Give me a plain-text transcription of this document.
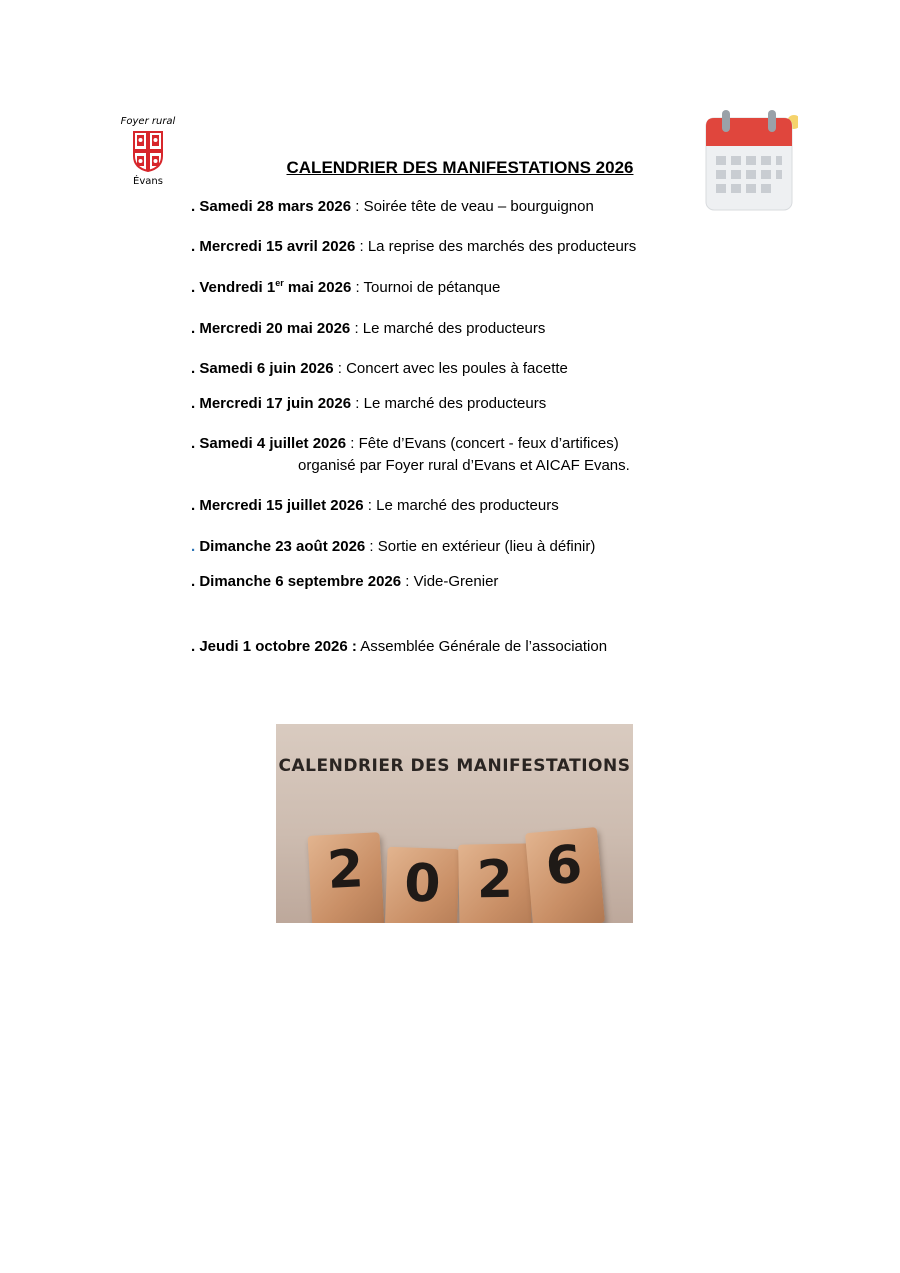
Foyer rural
Évans
CALENDRIER DES MANIFESTATIONS 2026
. Samedi 28 mars 2026 : Soirée tête de veau – bourguignon
. Mercredi 15 avril 2026 : La reprise des marchés des producteurs
. Vendredi 1er mai 2026 : Tournoi de pétanque
. Mercredi 20 mai 2026 : Le marché des producteurs
. Samedi 6 juin 2026 : Concert avec les poules à facette
. Mercredi 17 juin 2026 : Le marché des producteurs
. Samedi 4 juillet 2026 : Fête d’Evans (concert - feux d’artifices)
organisé par Foyer rural d’Evans et AICAF Evans.
. Mercredi 15 juillet 2026 : Le marché des producteurs
. Dimanche 23 août 2026 : Sortie en extérieur (lieu à définir)
. Dimanche 6 septembre 2026 : Vide-Grenier
. Jeudi 1 octobre 2026 : Assemblée Générale de l’association
CALENDRIER DES MANIFESTATIONS
2 0 2 6
